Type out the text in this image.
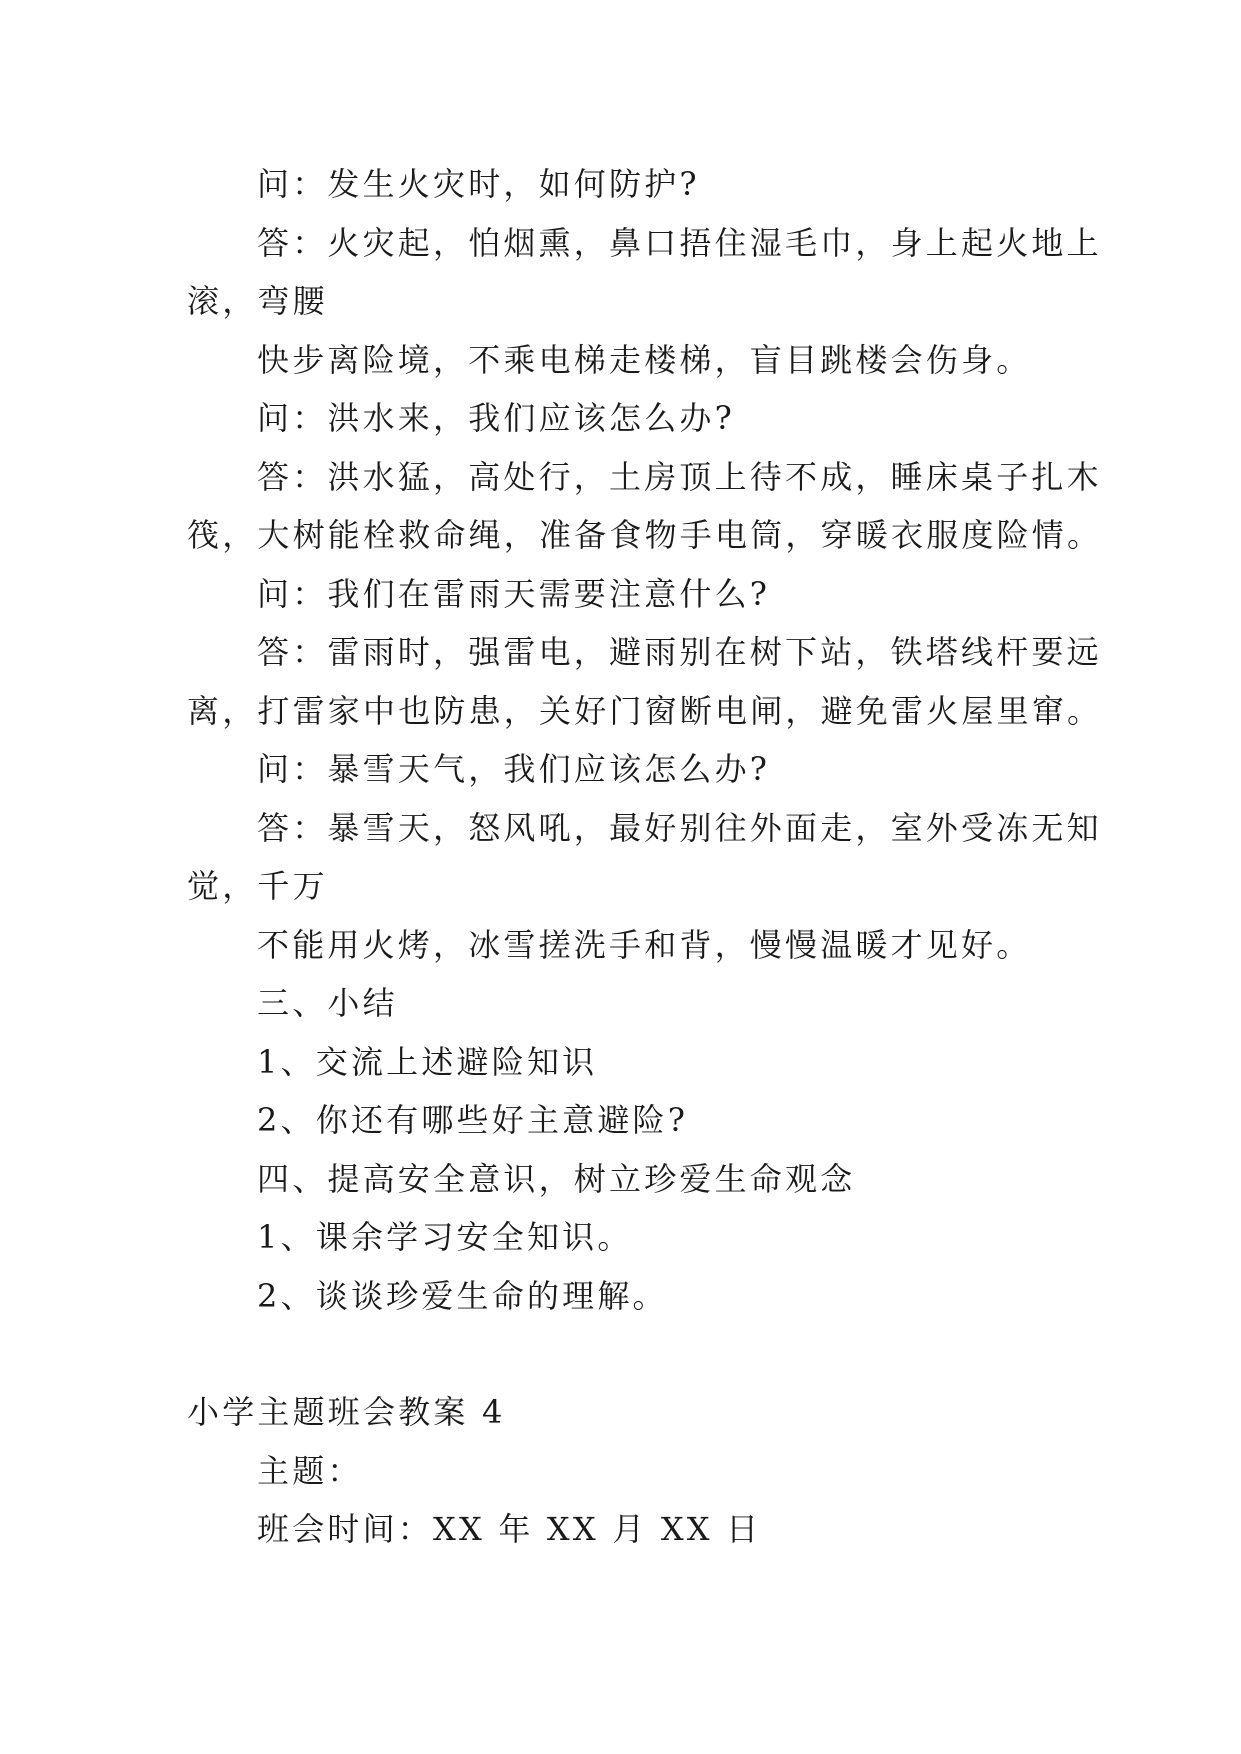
问：发生火灾时，如何防护?

答：火灾起，怕烟熏，鼻口捂住湿毛巾，身上起火地上

滚，弯腰

快步离险境，不乘电梯走楼梯，盲目跳楼会伤身。

问：洪水来，我们应该怎么办?

答：洪水猛，高处行，土房顶上待不成，睡床桌子扎木

筏，大树能栓救命绳，准备食物手电筒，穿暖衣服度险情。

问：我们在雷雨天需要注意什么?

答：雷雨时，强雷电，避雨别在树下站，铁塔线杆要远

离，打雷家中也防患，关好门窗断电闸，避免雷火屋里窜。

问：暴雪天气，我们应该怎么办?

答：暴雪天，怒风吼，最好别往外面走，室外受冻无知

觉，千万

不能用火烤，冰雪搓洗手和背，慢慢温暖才见好。

三、小结

1、交流上述避险知识

2、你还有哪些好主意避险?

四、提高安全意识，树立珍爱生命观念

1、课余学习安全知识。

2、谈谈珍爱生命的理解。

小学主题班会教案 4

主题：

班会时间：XX 年 XX 月 XX 日
